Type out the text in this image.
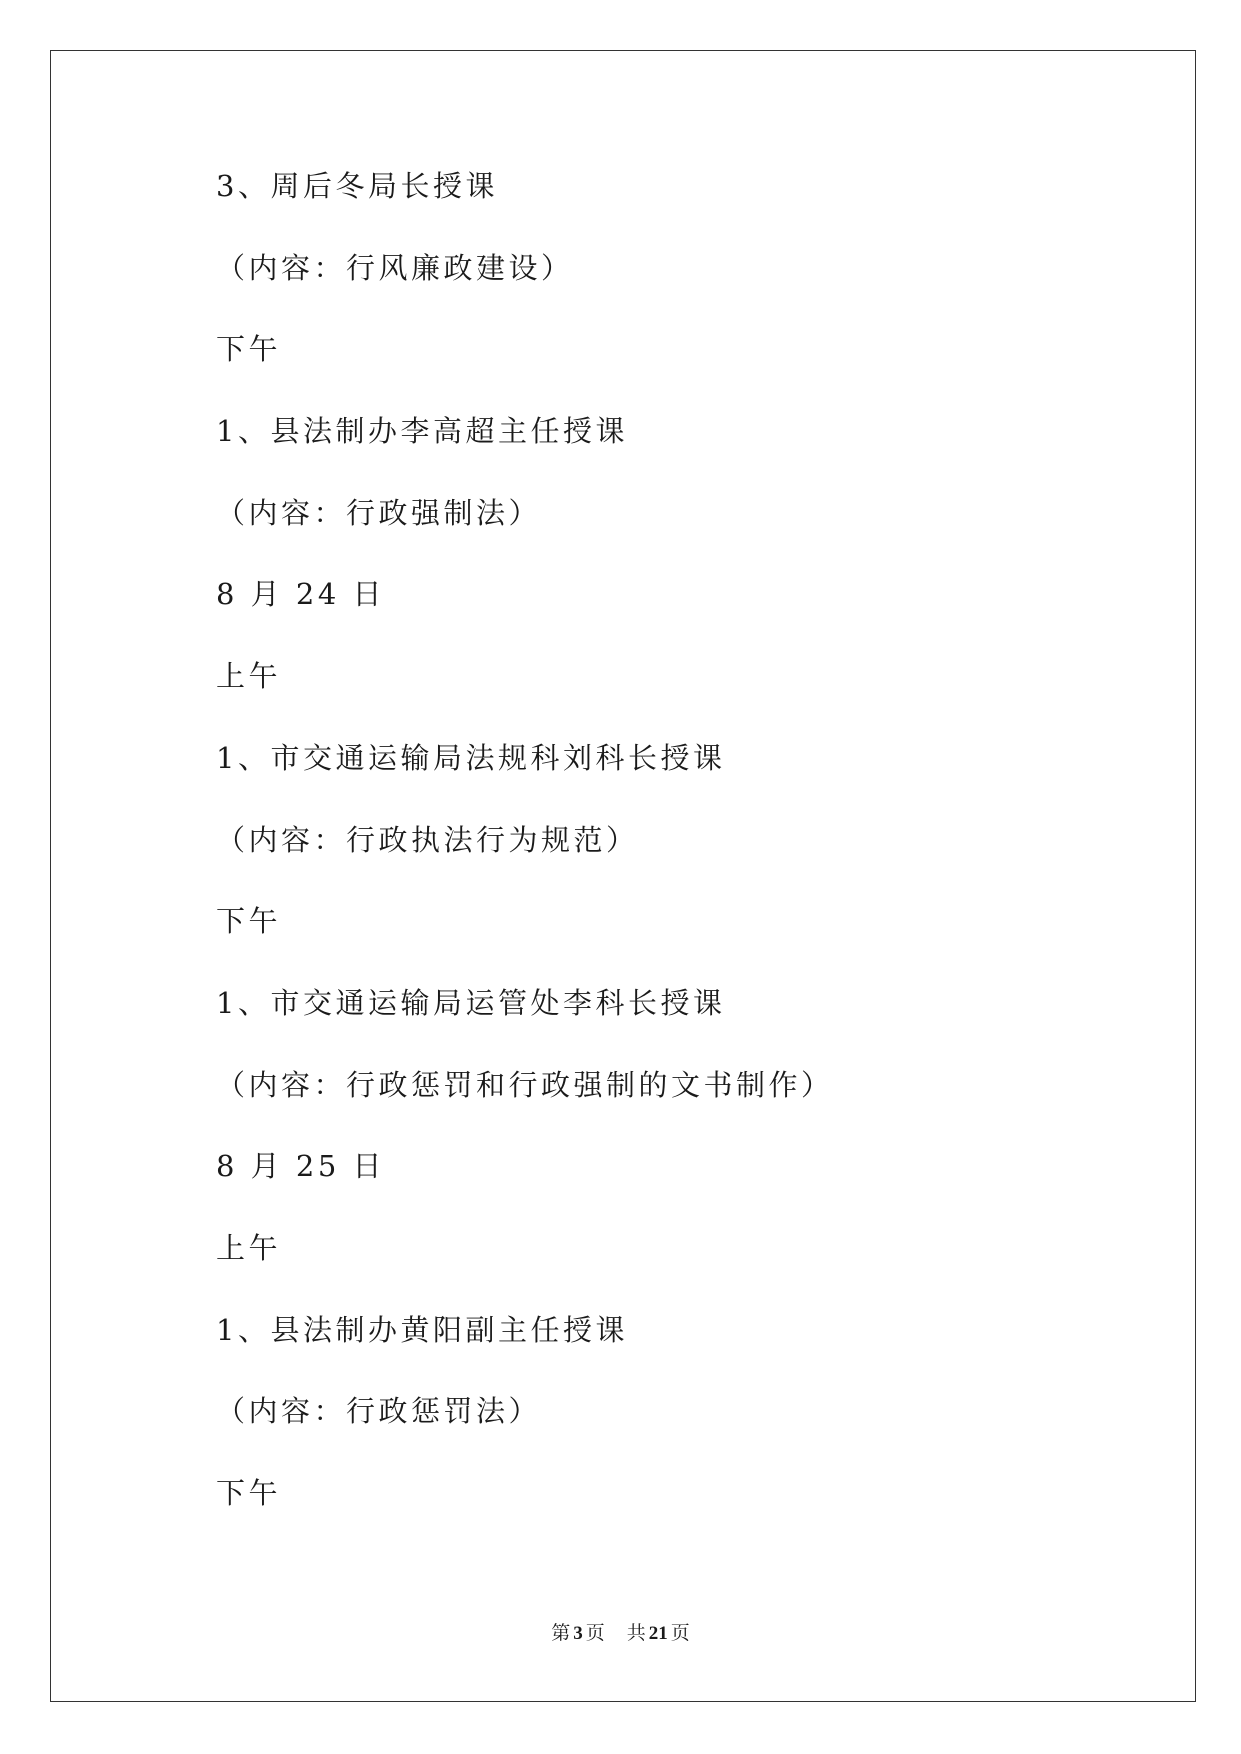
3、周后冬局长授课
（内容：行风廉政建设）
下午
1、县法制办李高超主任授课
（内容：行政强制法）
8 月 24 日
上午
1、市交通运输局法规科刘科长授课
（内容：行政执法行为规范）
下午
1、市交通运输局运管处李科长授课
（内容：行政惩罚和行政强制的文书制作）
8 月 25 日
上午
1、县法制办黄阳副主任授课
（内容：行政惩罚法）
下午
第 3 页 共 21 页
